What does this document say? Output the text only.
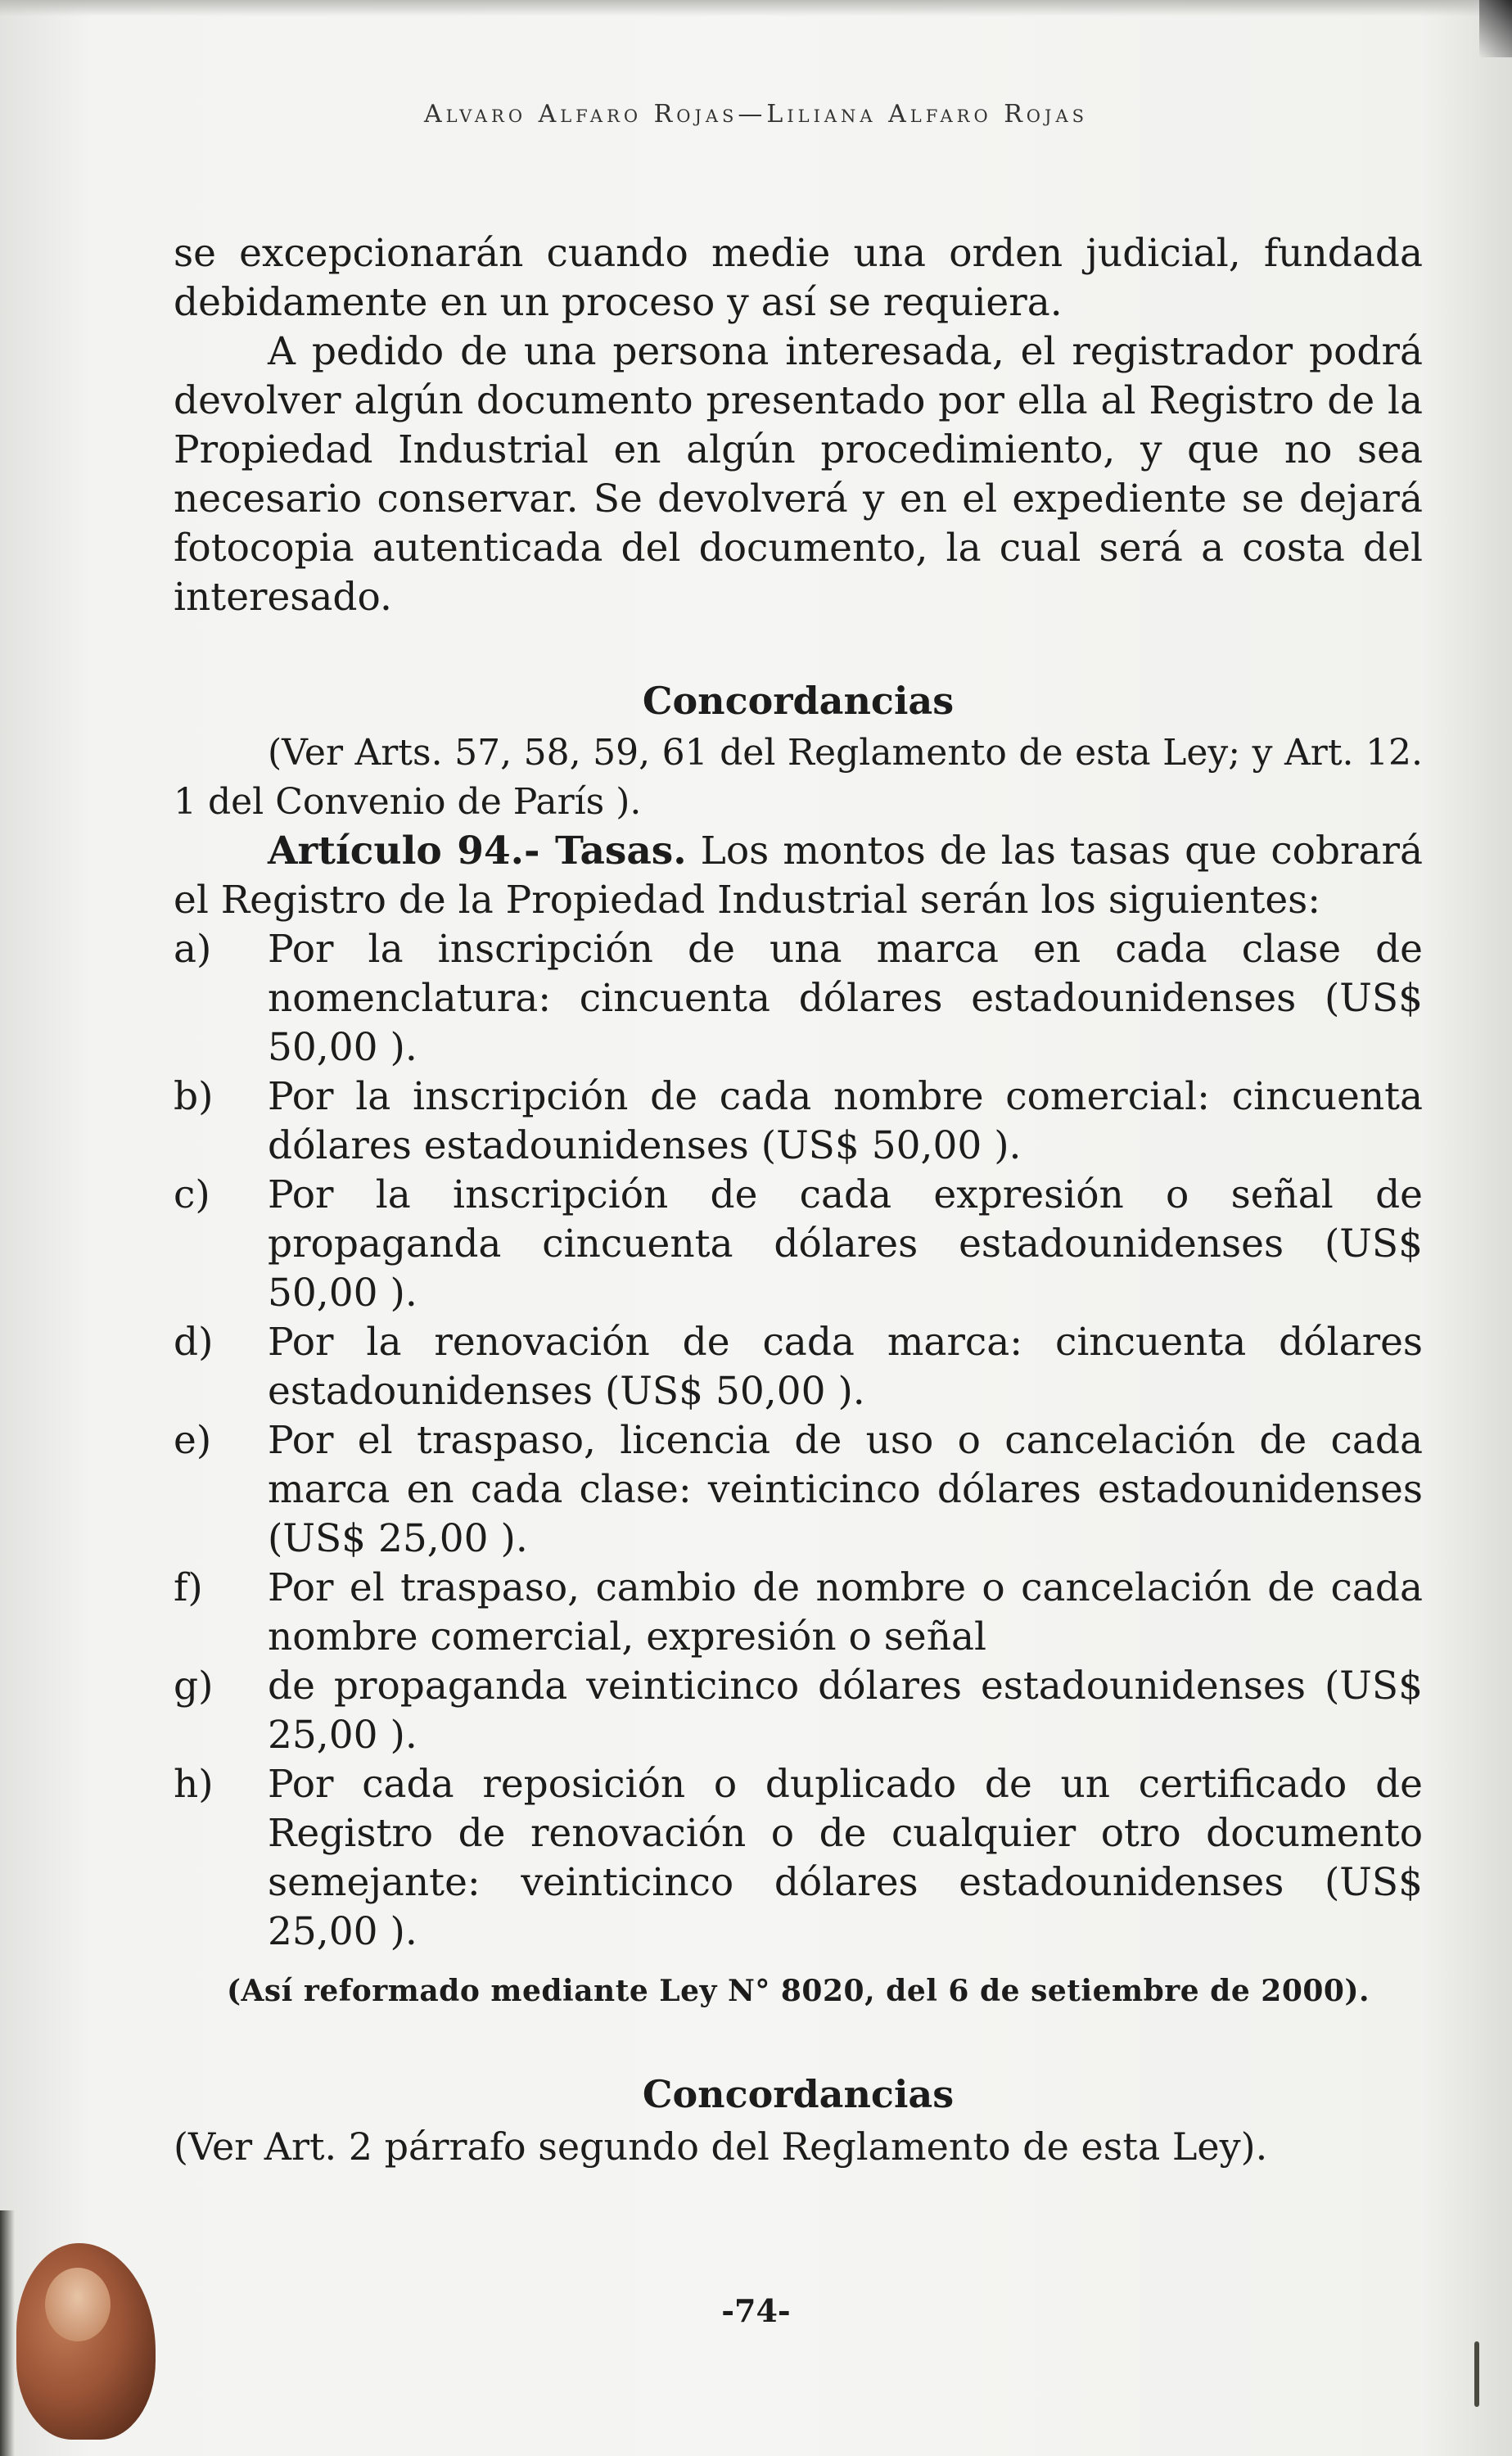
Alvaro Alfaro Rojas—Liliana Alfaro Rojas

se excepcionarán cuando medie una orden judicial, fundada debidamente en un proceso y así se requiera.

A pedido de una persona interesada, el registrador podrá devolver algún documento presentado por ella al Registro de la Propiedad Industrial en algún procedimiento, y que no sea necesario conservar. Se devolverá y en el expediente se dejará fotocopia autenticada del documento, la cual será a costa del interesado.

Concordancias

(Ver Arts. 57, 58, 59, 61 del Reglamento de esta Ley; y Art. 12. 1 del Convenio de París ).

Artículo 94.- Tasas. Los montos de las tasas que cobrará el Registro de la Propiedad Industrial serán los siguientes:

a) Por la inscripción de una marca en cada clase de nomenclatura: cincuenta dólares estadounidenses (US$ 50,00 ).
b) Por la inscripción de cada nombre comercial: cincuenta dólares estadounidenses (US$ 50,00 ).
c) Por la inscripción de cada expresión o señal de propaganda cincuenta dólares estadounidenses (US$ 50,00 ).
d) Por la renovación de cada marca: cincuenta dólares estadounidenses (US$ 50,00 ).
e) Por el traspaso, licencia de uso o cancelación de cada marca en cada clase: veinticinco dólares estadounidenses (US$ 25,00 ).
f) Por el traspaso, cambio de nombre o cancelación de cada nombre comercial, expresión o señal
g) de propaganda veinticinco dólares estadounidenses (US$ 25,00 ).
h) Por cada reposición o duplicado de un certificado de Registro de renovación o de cualquier otro documento semejante: veinticinco dólares estadounidenses (US$ 25,00 ).
(Así reformado mediante Ley N° 8020, del 6 de setiembre de 2000).
Concordancias

(Ver Art. 2 párrafo segundo del Reglamento de esta Ley).

-74-
